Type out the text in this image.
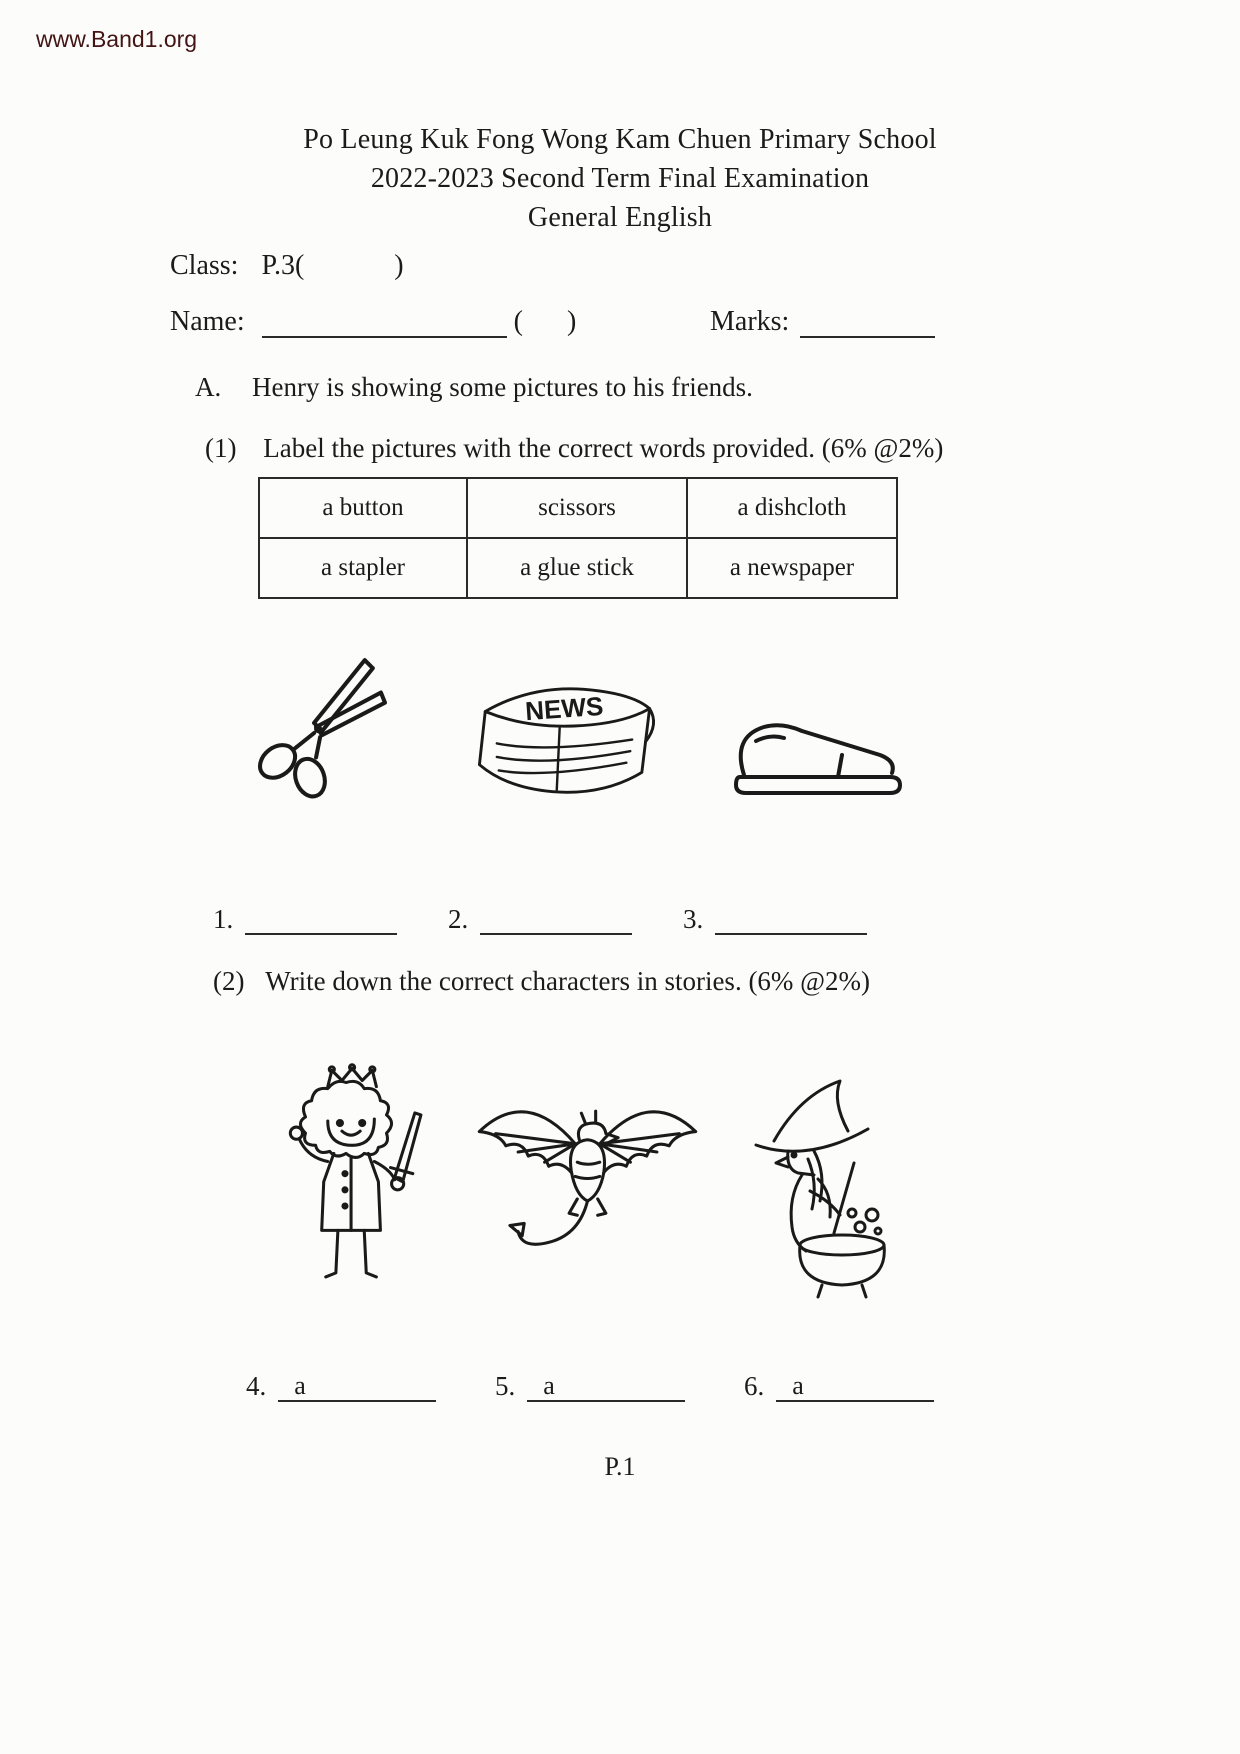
www.Band1.org
Po Leung Kuk Fong Wong Kam Chuen Primary School
2022-2023 Second Term Final Examination
General English
Class: P.3(	)
Name:	( )	Marks:
A. Henry is showing some pictures to his friends.
(1) Label the pictures with the correct words provided. (6% @2%)
a button	scissors	a dishcloth
a stapler	a glue stick	a newspaper
NEWS
1.	2.	3.
(2) Write down the correct characters in stories. (6% @2%)
4. a	5. a	6. a
P.1
